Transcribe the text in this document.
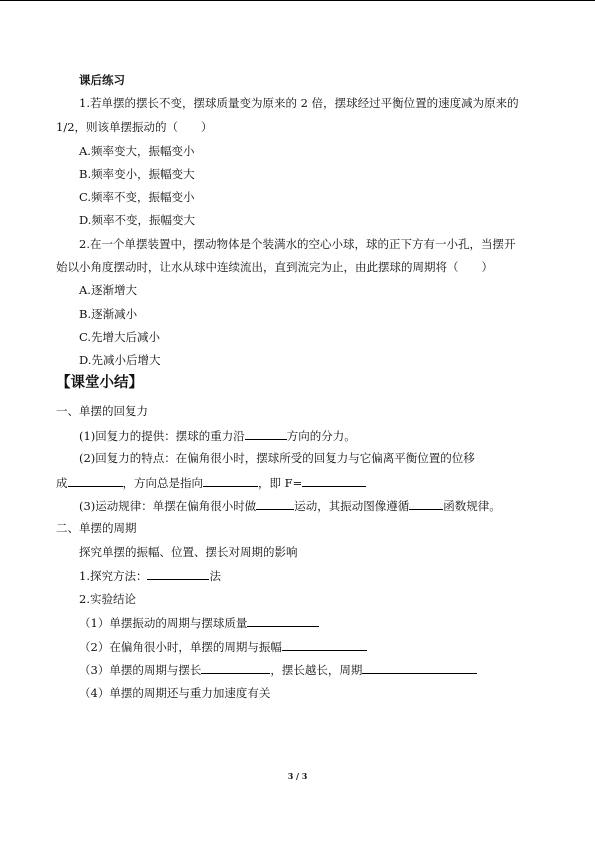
课后练习
1.若单摆的摆长不变，摆球质量变为原来的 2 倍，摆球经过平衡位置的速度减为原来的
1/2，则该单摆振动的（　　）
A.频率变大，振幅变小
B.频率变小，振幅变大
C.频率不变，振幅变小
D.频率不变，振幅变大
2.在一个单摆装置中，摆动物体是个装满水的空心小球，球的正下方有一小孔，当摆开
始以小角度摆动时，让水从球中连续流出，直到流完为止，由此摆球的周期将（　　）
A.逐渐增大
B.逐渐减小
C.先增大后减小
D.先减小后增大
【课堂小结】
一、单摆的回复力
(1)回复力的提供：摆球的重力沿	方向的分力。
(2)回复力的特点：在偏角很小时，摆球所受的回复力与它偏离平衡位置的位移
成	，方向总是指向	，即 F=
(3)运动规律：单摆在偏角很小时做	运动，其振动图像遵循	函数规律。
二、单摆的周期
探究单摆的振幅、位置、摆长对周期的影响
1.探究方法：	法
2.实验结论
（1）单摆振动的周期与摆球质量
（2）在偏角很小时，单摆的周期与振幅
（3）单摆的周期与摆长	，摆长越长，周期
（4）单摆的周期还与重力加速度有关
3 / 3
